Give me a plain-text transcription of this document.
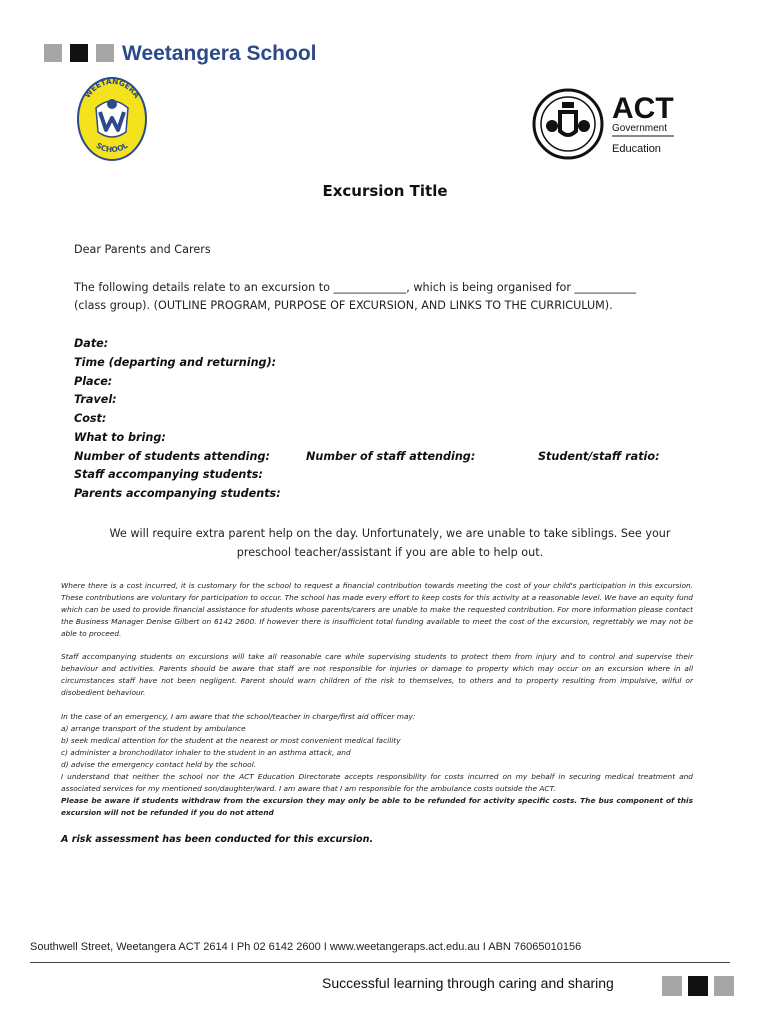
Weetangera School
WEETANGERA
SCHOOL
ACT
Government
Education
Excursion Title
Dear Parents and Carers
The following details relate to an excursion to _____________, which is being organised for ___________
(class group). (OUTLINE PROGRAM, PURPOSE OF EXCURSION, AND LINKS TO THE CURRICULUM).
Date:
Time (departing and returning):
Place:
Travel:
Cost:
What to bring:
Number of students attending:	Number of staff attending:	Student/staff ratio:
Staff accompanying students:
Parents accompanying students:
We will require extra parent help on the day. Unfortunately, we are unable to take siblings. See your
preschool teacher/assistant if you are able to help out.

Where there is a cost incurred, it is customary for the school to request a financial contribution towards meeting the cost of your child's participation in this excursion. These contributions are voluntary for participation to occur. The school has made every effort to keep costs for this activity at a reasonable level. We have an equity fund which can be used to provide financial assistance for students whose parents/carers are unable to make the requested contribution. For more information please contact the Business Manager Denise Gilbert on 6142 2600. If however there is insufficient total funding available to meet the cost of the excursion, regrettably we may not be able to proceed.

Staff accompanying students on excursions will take all reasonable care while supervising students to protect them from injury and to control and supervise their behaviour and activities. Parents should be aware that staff are not responsible for injuries or damage to property which may occur on an excursion where in all circumstances staff have not been negligent. Parent should warn children of the risk to themselves, to others and to property resulting from impulsive, wilful or disobedient behaviour.

In the case of an emergency, I am aware that the school/teacher in charge/first aid officer may:

a) arrange transport of the student by ambulance

b) seek medical attention for the student at the nearest or most convenient medical facility

c) administer a bronchodilator inhaler to the student in an asthma attack, and

d) advise the emergency contact held by the school.

I understand that neither the school nor the ACT Education Directorate accepts responsibility for costs incurred on my behalf in securing medical treatment and associated services for my mentioned son/daughter/ward. I am aware that I am responsible for the ambulance costs outside the ACT.

Please be aware if students withdraw from the excursion they may only be able to be refunded for activity specific costs. The bus component of this excursion will not be refunded if you do not attend

A risk assessment has been conducted for this excursion.
Southwell Street, Weetangera ACT 2614 I Ph 02 6142 2600 I www.weetangeraps.act.edu.au I ABN 76065010156
Successful learning through caring and sharing
